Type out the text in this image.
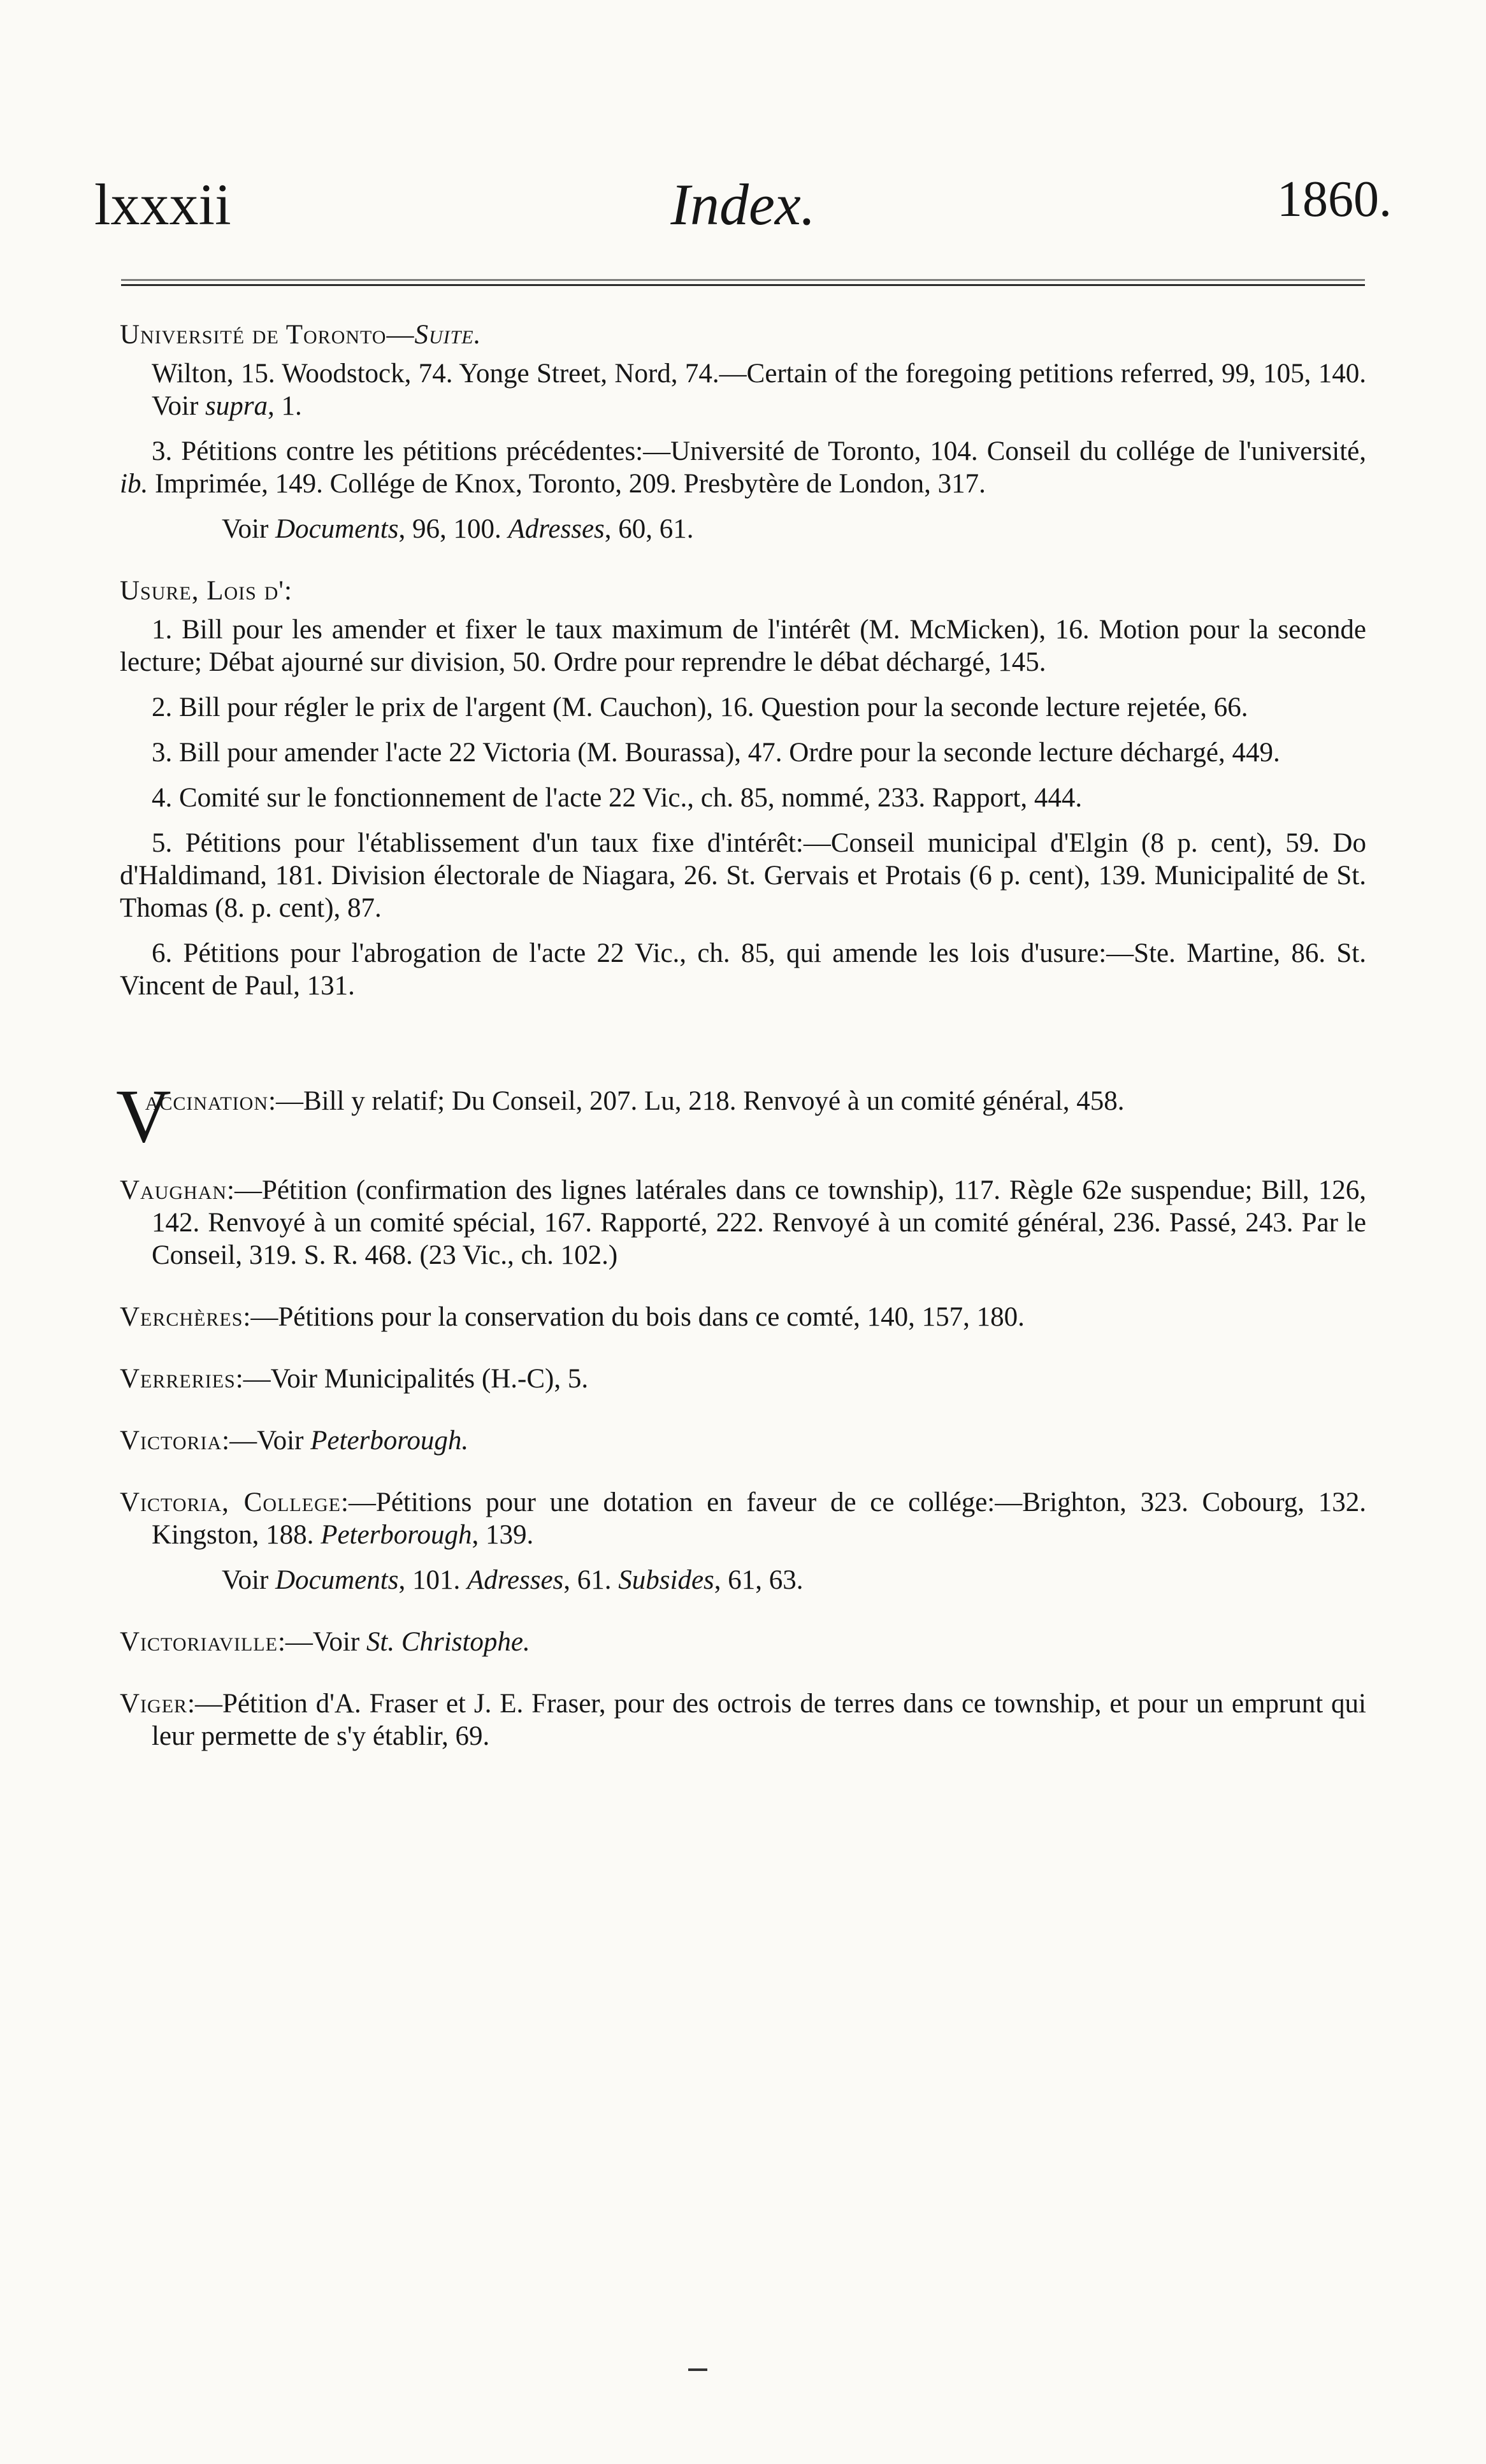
lxxxii	Index.	1860.
Université de Toronto—Suite.

Wilton, 15. Woodstock, 74. Yonge Street, Nord, 74.—Certain of the foregoing petitions referred, 99, 105, 140. Voir supra, 1.

3. Pétitions contre les pétitions précédentes:—Université de Toronto, 104. Conseil du collége de l'université, ib. Imprimée, 149. Collége de Knox, Toronto, 209. Presbytère de London, 317.

Voir Documents, 96, 100. Adresses, 60, 61.

Usure, Lois d':

1. Bill pour les amender et fixer le taux maximum de l'intérêt (M. McMicken), 16. Motion pour la seconde lecture; Débat ajourné sur division, 50. Ordre pour reprendre le débat déchargé, 145.

2. Bill pour régler le prix de l'argent (M. Cauchon), 16. Question pour la seconde lecture rejetée, 66.

3. Bill pour amender l'acte 22 Victoria (M. Bourassa), 47. Ordre pour la seconde lecture déchargé, 449.

4. Comité sur le fonctionnement de l'acte 22 Vic., ch. 85, nommé, 233. Rapport, 444.

5. Pétitions pour l'établissement d'un taux fixe d'intérêt:—Conseil municipal d'Elgin (8 p. cent), 59. Do d'Haldimand, 181. Division électorale de Niagara, 26. St. Gervais et Protais (6 p. cent), 139. Municipalité de St. Thomas (8. p. cent), 87.

6. Pétitions pour l'abrogation de l'acte 22 Vic., ch. 85, qui amende les lois d'usure:—Ste. Martine, 86. St. Vincent de Paul, 131.

V
accination:—Bill y relatif; Du Conseil, 207. Lu, 218. Renvoyé à un comité général, 458.
Vaughan:—Pétition (confirmation des lignes latérales dans ce township), 117. Règle 62e suspendue; Bill, 126, 142. Renvoyé à un comité spécial, 167. Rapporté, 222. Renvoyé à un comité général, 236. Passé, 243. Par le Conseil, 319. S. R. 468. (23 Vic., ch. 102.)
Verchères:—Pétitions pour la conservation du bois dans ce comté, 140, 157, 180.
Verreries:—Voir Municipalités (H.-C), 5.
Victoria:—Voir Peterborough.
Victoria, College:—Pétitions pour une dotation en faveur de ce collége:—Brighton, 323. Cobourg, 132. Kingston, 188. Peterborough, 139.

Voir Documents, 101. Adresses, 61. Subsides, 61, 63.

Victoriaville:—Voir St. Christophe.
Viger:—Pétition d'A. Fraser et J. E. Fraser, pour des octrois de terres dans ce township, et pour un emprunt qui leur permette de s'y établir, 69.
